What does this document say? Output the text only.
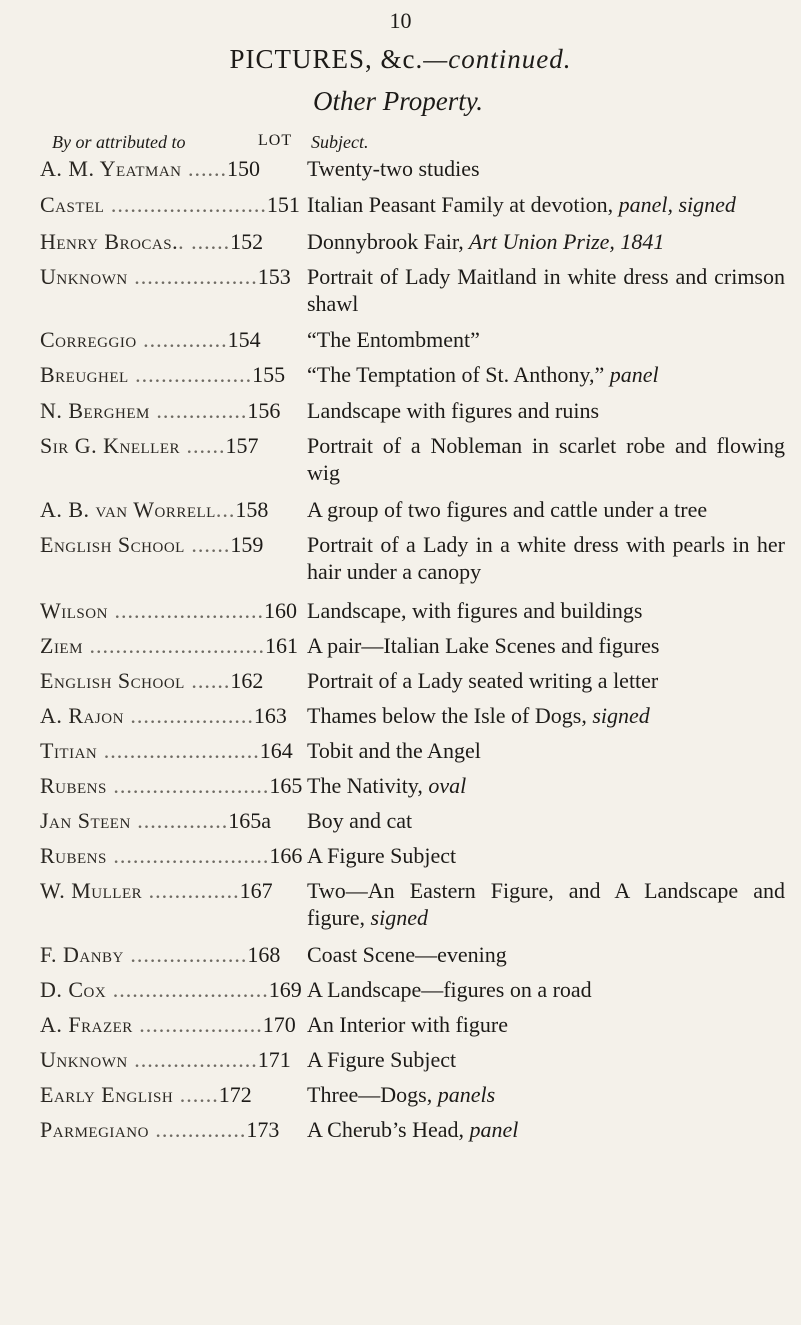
10
PICTURES, &c.—continued.
Other Property.
By or attributed to	LOT Subject.
A. M. Yeatman ......150	Twenty-two studies
Castel ........................151 Italian Peasant Family at devotion, panel, signed
Henry Brocas.. ......152	Donnybrook Fair, Art Union Prize, 1841
Unknown ...................153 Portrait of Lady Maitland in white dress and crimson shawl
Correggio .............154	“The Entombment”
Breughel ..................155 “The Temptation of St. Anthony,” panel
N. Berghem ..............156	Landscape with figures and ruins
Sir G. Kneller ......157	Portrait of a Nobleman in scarlet robe and flowing wig
A. B. van Worrell...158	A group of two figures and cattle under a tree
English School ......159	Portrait of a Lady in a white dress with pearls in her hair under a canopy
Wilson .......................160 Landscape, with figures and buildings
Ziem ...........................161 A pair—Italian Lake Scenes and figures
English School ......162	Portrait of a Lady seated writing a letter
A. Rajon ...................163 Thames below the Isle of Dogs, signed
Titian ........................164 Tobit and the Angel
Rubens ........................165 The Nativity, oval
Jan Steen ..............165a	Boy and cat
Rubens ........................166 A Figure Subject
W. Muller ..............167	Two—An Eastern Figure, and A Landscape and figure, signed
F. Danby ..................168	Coast Scene—evening
D. Cox ........................169 A Landscape—figures on a road
A. Frazer ...................170 An Interior with figure
Unknown ...................171 A Figure Subject
Early English ......172	Three—Dogs, panels
Parmegiano ..............173	A Cherub’s Head, panel
